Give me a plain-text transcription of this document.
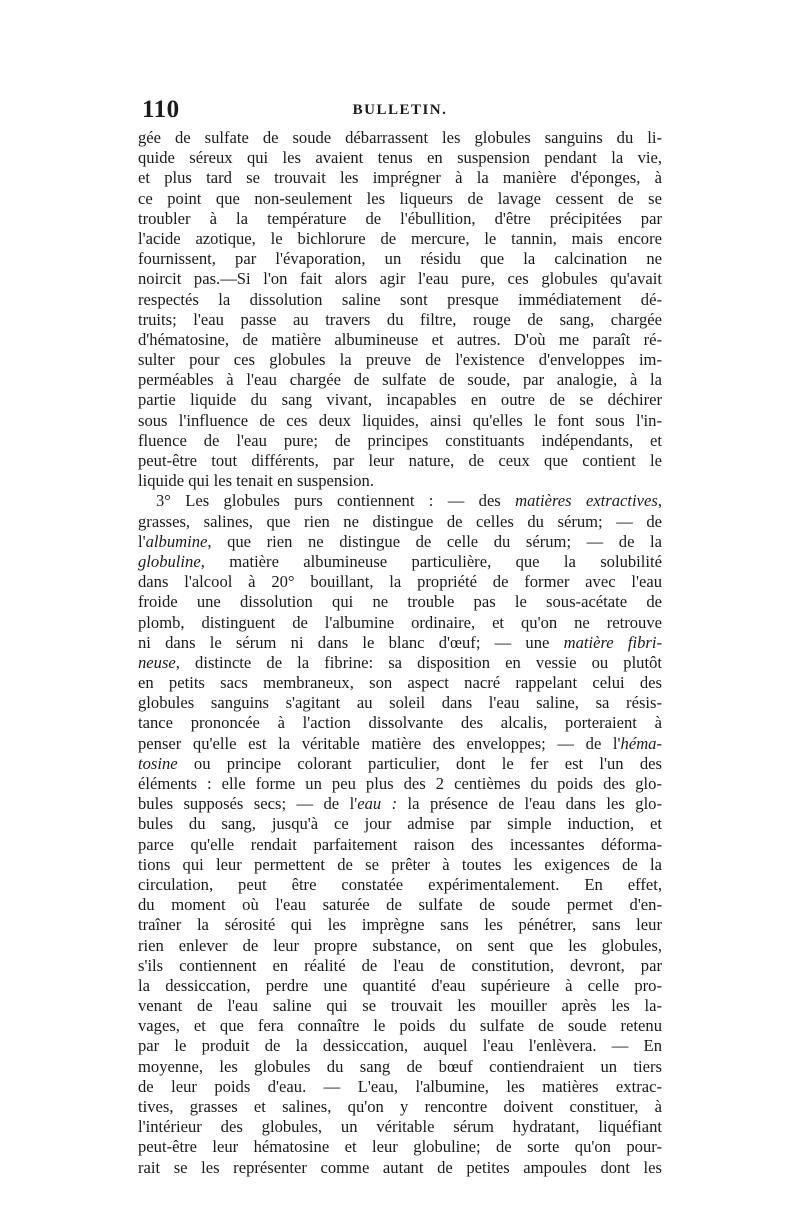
110	BULLETIN.
gée de sulfate de soude débarrassent les globules sanguins du li-
quide séreux qui les avaient tenus en suspension pendant la vie,
et plus tard se trouvait les imprégner à la manière d'éponges, à
ce point que non-seulement les liqueurs de lavage cessent de se
troubler à la température de l'ébullition, d'être précipitées par
l'acide azotique, le bichlorure de mercure, le tannin, mais encore
fournissent, par l'évaporation, un résidu que la calcination ne
noircit pas.—Si l'on fait alors agir l'eau pure, ces globules qu'avait
respectés la dissolution saline sont presque immédiatement dé-
truits; l'eau passe au travers du filtre, rouge de sang, chargée
d'hématosine, de matière albumineuse et autres. D'où me paraît ré-
sulter pour ces globules la preuve de l'existence d'enveloppes im-
perméables à l'eau chargée de sulfate de soude, par analogie, à la
partie liquide du sang vivant, incapables en outre de se déchirer
sous l'influence de ces deux liquides, ainsi qu'elles le font sous l'in-
fluence de l'eau pure; de principes constituants indépendants, et
peut-être tout différents, par leur nature, de ceux que contient le
liquide qui les tenait en suspension.
3° Les globules purs contiennent : — des matières extractives,
grasses, salines, que rien ne distingue de celles du sérum; — de
l'albumine, que rien ne distingue de celle du sérum; — de la
globuline, matière albumineuse particulière, que la solubilité
dans l'alcool à 20° bouillant, la propriété de former avec l'eau
froide une dissolution qui ne trouble pas le sous-acétate de
plomb, distinguent de l'albumine ordinaire, et qu'on ne retrouve
ni dans le sérum ni dans le blanc d'œuf; — une matière fibri-
neuse, distincte de la fibrine: sa disposition en vessie ou plutôt
en petits sacs membraneux, son aspect nacré rappelant celui des
globules sanguins s'agitant au soleil dans l'eau saline, sa résis-
tance prononcée à l'action dissolvante des alcalis, porteraient à
penser qu'elle est la véritable matière des enveloppes; — de l'héma-
tosine ou principe colorant particulier, dont le fer est l'un des
éléments : elle forme un peu plus des 2 centièmes du poids des glo-
bules supposés secs; — de l'eau : la présence de l'eau dans les glo-
bules du sang, jusqu'à ce jour admise par simple induction, et
parce qu'elle rendait parfaitement raison des incessantes déforma-
tions qui leur permettent de se prêter à toutes les exigences de la
circulation, peut être constatée expérimentalement. En effet,
du moment où l'eau saturée de sulfate de soude permet d'en-
traîner la sérosité qui les imprègne sans les pénétrer, sans leur
rien enlever de leur propre substance, on sent que les globules,
s'ils contiennent en réalité de l'eau de constitution, devront, par
la dessiccation, perdre une quantité d'eau supérieure à celle pro-
venant de l'eau saline qui se trouvait les mouiller après les la-
vages, et que fera connaître le poids du sulfate de soude retenu
par le produit de la dessiccation, auquel l'eau l'enlèvera. — En
moyenne, les globules du sang de bœuf contiendraient un tiers
de leur poids d'eau. — L'eau, l'albumine, les matières extrac-
tives, grasses et salines, qu'on y rencontre doivent constituer, à
l'intérieur des globules, un véritable sérum hydratant, liquéfiant
peut-être leur hématosine et leur globuline; de sorte qu'on pour-
rait se les représenter comme autant de petites ampoules dont les
